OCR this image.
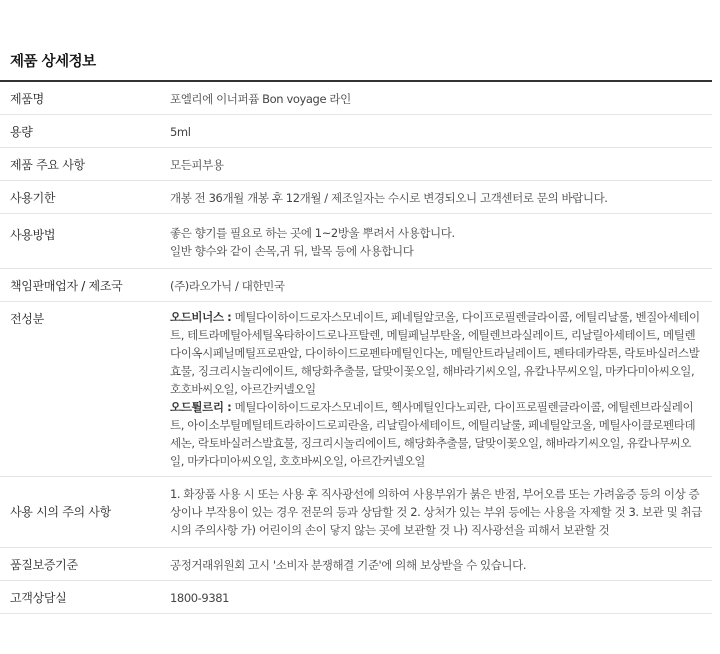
제품 상세정보
제품명	포엘리에 이너퍼퓸 Bon voyage 라인
용량	5ml
제품 주요 사항	모든피부용
사용기한	개봉 전 36개월 개봉 후 12개월 / 제조일자는 수시로 변경되오니 고객센터로 문의 바랍니다.
사용방법	좋은 향기를 필요로 하는 곳에 1~2방울 뿌려서 사용합니다.
일반 향수와 같이 손목,귀 뒤, 발목 등에 사용합니다

책임판매업자 / 제조국	(주)라오가닉 / 대한민국
전성분	오드비너스 : 메틸다이하이드로자스모네이트, 페네틸알코올, 다이프로필렌글라이콜, 에틸리날룰, 벤질아세테이트, 테트라메틸아세틸옥타하이드로나프탈렌, 메틸페닐부탄올, 에틸렌브라실레이트, 리날릴아세테이트, 메틸렌다이옥시페닐메틸프로판알, 다이하이드로펜타메틸인다논, 메틸안트라닐레이트, 펜타데카락톤, 락토바실러스발효물, 징크리시놀리에이트, 해당화추출물, 달맞이꽃오일, 해바라기씨오일, 유칼나무씨오일, 마카다미아씨오일, 호호바씨오일, 아르간커넬오일
오드튈르리 : 메틸다이하이드로자스모네이트, 헥사메틸인다노피란, 다이프로필렌글라이콜, 에틸렌브라실레이트, 아이소부틸메틸테트라하이드로피란올, 리날릴아세테이트, 에틸리날룰, 페네틸알코올, 메틸사이클로펜타데세논, 락토바실러스발효물, 징크리시놀리에이트, 해당화추출물, 달맞이꽃오일, 해바라기씨오일, 유칼나무씨오일, 마카다미아씨오일, 호호바씨오일, 아르간커넬오일

사용 시의 주의 사항	1. 화장품 사용 시 또는 사용 후 직사광선에 의하여 사용부위가 붉은 반점, 부어오름 또는 가려움증 등의 이상 증상이나 부작용이 있는 경우 전문의 등과 상담할 것 2. 상처가 있는 부위 등에는 사용을 자제할 것 3. 보관 및 취급 시의 주의사항 가) 어린이의 손이 닿지 않는 곳에 보관할 것 나) 직사광선을 피해서 보관할 것
품질보증기준	공정거래위원회 고시 '소비자 분쟁해결 기준'에 의해 보상받을 수 있습니다.
고객상담실	1800-9381
